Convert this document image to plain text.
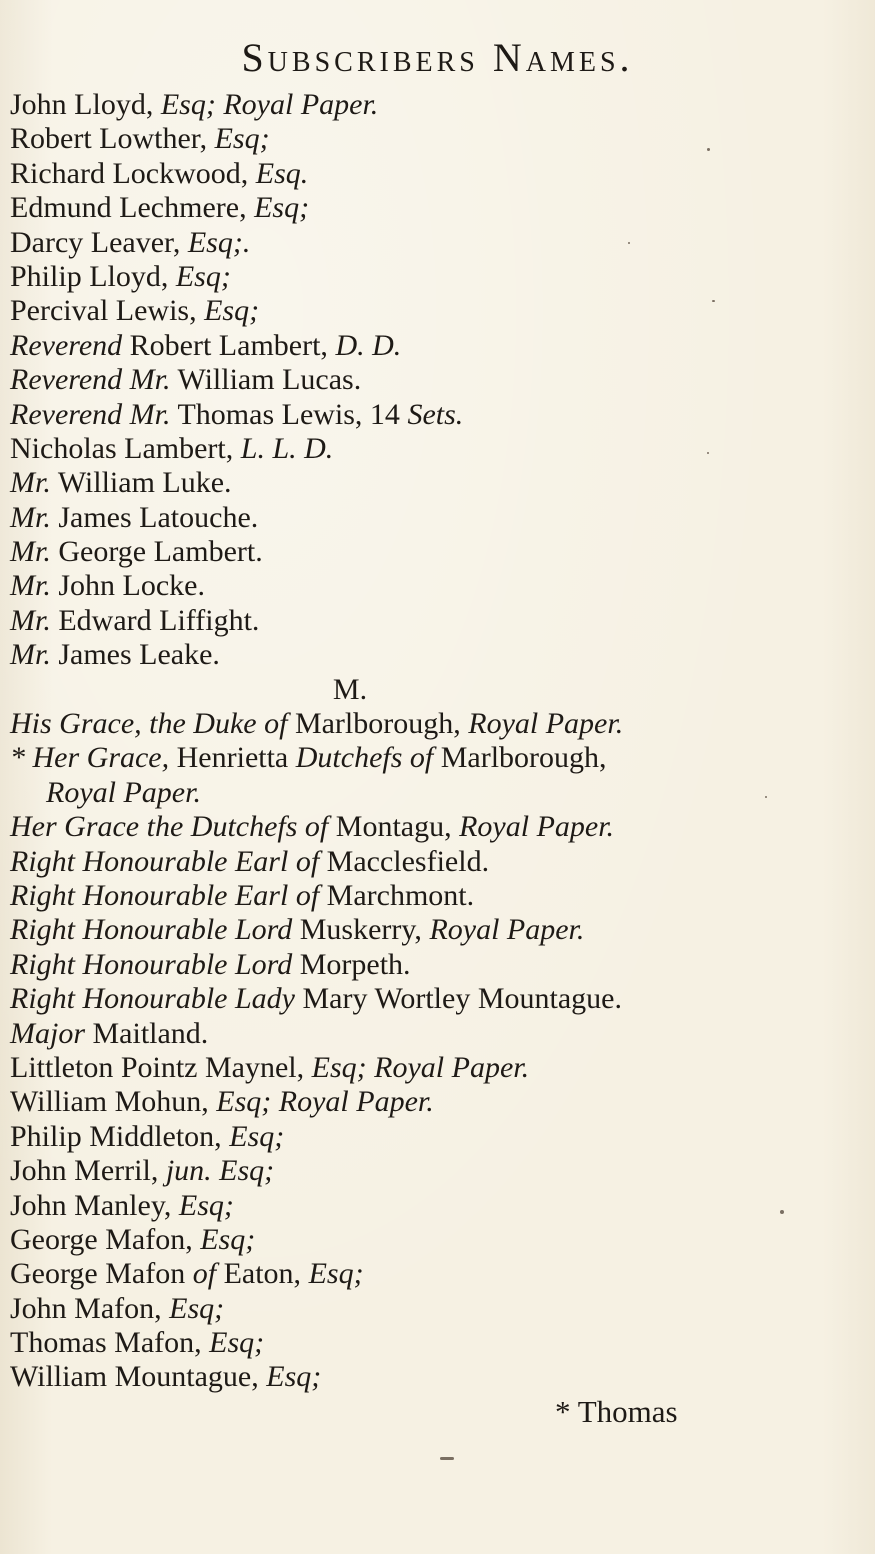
Subscribers Names.
John Lloyd, Esq; Royal Paper.
Robert Lowther, Esq;
Richard Lockwood, Esq.
Edmund Lechmere, Esq;
Darcy Leaver, Esq;.
Philip Lloyd, Esq;
Percival Lewis, Esq;
Reverend Robert Lambert, D. D.
Reverend Mr. William Lucas.
Reverend Mr. Thomas Lewis, 14 Sets.
Nicholas Lambert, L. L. D.
Mr. William Luke.
Mr. James Latouche.
Mr. George Lambert.
Mr. John Locke.
Mr. Edward Liffight.
Mr. James Leake.
M.
His Grace, the Duke of Marlborough, Royal Paper.
* Her Grace, Henrietta Dutchefs of Marlborough,
Royal Paper.
Her Grace the Dutchefs of Montagu, Royal Paper.
Right Honourable Earl of Macclesfield.
Right Honourable Earl of Marchmont.
Right Honourable Lord Muskerry, Royal Paper.
Right Honourable Lord Morpeth.
Right Honourable Lady Mary Wortley Mountague.
Major Maitland.
Littleton Pointz Maynel, Esq; Royal Paper.
William Mohun, Esq; Royal Paper.
Philip Middleton, Esq;
John Merril, jun. Esq;
John Manley, Esq;
George Mafon, Esq;
George Mafon of Eaton, Esq;
John Mafon, Esq;
Thomas Mafon, Esq;
William Mountague, Esq;
* Thomas
